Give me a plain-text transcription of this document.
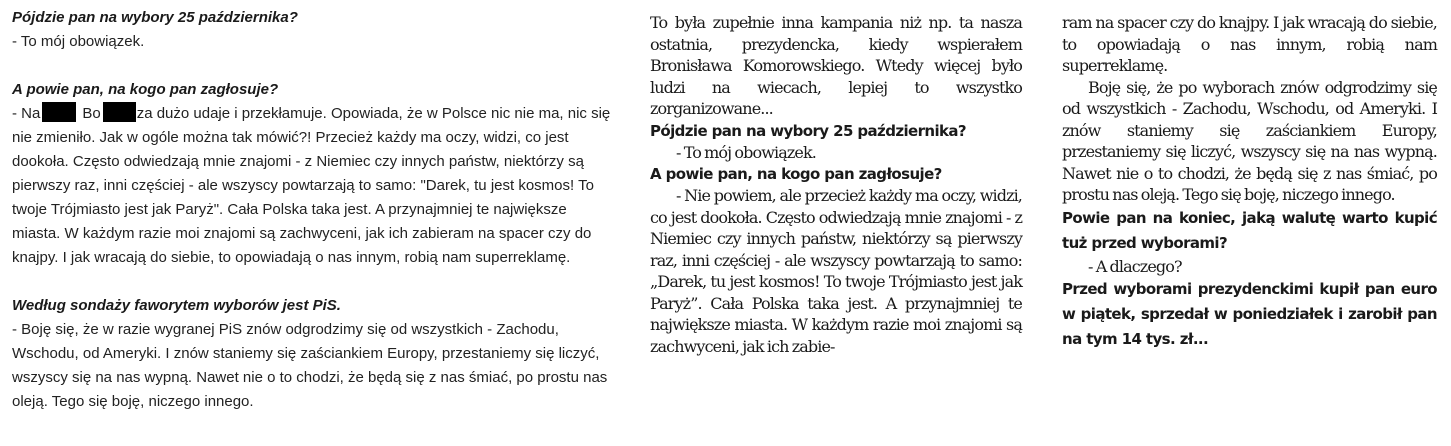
Pójdzie pan na wybory 25 października?

- To mój obowiązek.

A powie pan, na kogo pan zagłosuje?

- Na	Bo za dużo udaje i przekłamuje. Opowiada, że w Polsce nic nie ma, nic się nie zmieniło. Jak w ogóle można tak mówić?! Przecież każdy ma oczy, widzi, co jest dookoła. Często odwiedzają mnie znajomi - z Niemiec czy innych państw, niektórzy są pierwszy raz, inni częściej - ale wszyscy powtarzają to samo: "Darek, tu jest kosmos! To twoje Trójmiasto jest jak Paryż". Cała Polska taka jest. A przynajmniej te największe miasta. W każdym razie moi znajomi są zachwyceni, jak ich zabieram na spacer czy do knajpy. I jak wracają do siebie, to opowiadają o nas innym, robią nam superreklamę.

Według sondaży faworytem wyborów jest PiS.

- Boję się, że w razie wygranej PiS znów odgrodzimy się od wszystkich - Zachodu, Wschodu, od Ameryki. I znów staniemy się zaściankiem Europy, przestaniemy się liczyć, wszyscy się na nas wypną. Nawet nie o to chodzi, że będą się z nas śmiać, po prostu nas oleją. Tego się boję, niczego innego.

To była zupełnie inna kampania niż np. ta nasza ostatnia, prezydencka, kiedy wspierałem Bronisława Komorowskiego. Wtedy więcej było ludzi na wiecach, lepiej to wszystko zorganizowane...

Pójdzie pan na wybory 25 października?

- To mój obowiązek.

A powie pan, na kogo pan zagłosuje?

- Nie powiem, ale przecież każdy ma oczy, widzi, co jest dookoła. Często odwiedzają mnie znajomi - z Niemiec czy innych państw, niektórzy są pierwszy raz, inni częściej - ale wszyscy powtarzają to samo: „Darek, tu jest kosmos! To twoje Trójmiasto jest jak Paryż”. Cała Polska taka jest. A przynajmniej te największe miasta. W każdym razie moi znajomi są zachwyceni, jak ich zabie-

ram na spacer czy do knajpy. I jak wracają do siebie, to opowiadają o nas innym, robią nam superreklamę.

Boję się, że po wyborach znów odgrodzimy się od wszystkich - Zachodu, Wschodu, od Ameryki. I znów staniemy się zaściankiem Europy, przestaniemy się liczyć, wszyscy się na nas wypną. Nawet nie o to chodzi, że będą się z nas śmiać, po prostu nas oleją. Tego się boję, niczego innego.

Powie pan na koniec, jaką walutę warto kupić tuż przed wyborami?

- A dlaczego?

Przed wyborami prezydenckimi kupił pan euro w piątek, sprzedał w poniedziałek i zarobił pan na tym 14 tys. zł...
